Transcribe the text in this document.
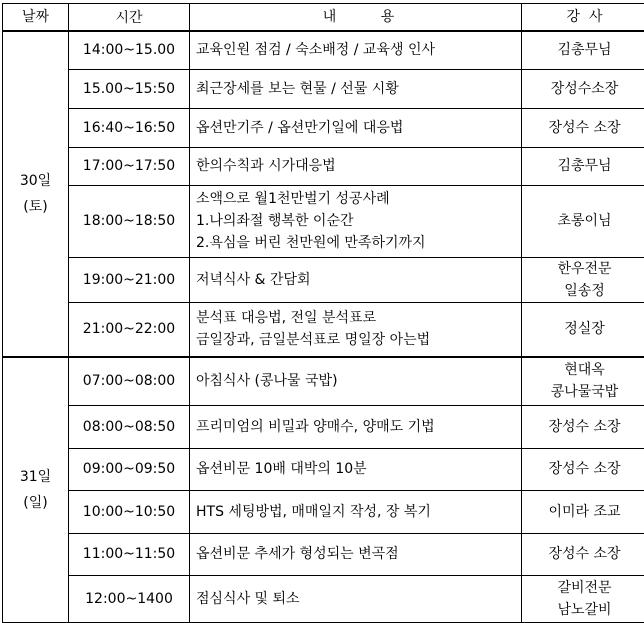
날짜	시간	내          용	강  사

30일
(토)	14:00~15.00	교육인원 점검 / 숙소배정 / 교육생 인사	김총무님

	15.00~15:50	최근장세를 보는 현물 / 선물 시황	장성수소장

	16:40~16:50	옵션만기주 / 옵션만기일에 대응법	장성수 소장

	17:00~17:50	한의수칙과 시가대응법	김총무님

	18:00~18:50	소액으로 월1천만벌기 성공사례
1.나의좌절 행복한 이순간
2.욕심을 버린 천만원에 만족하기까지	초롱이님

	19:00~21:00	저녁식사 & 간담회	한우전문
일송정

	21:00~22:00	분석표 대응법, 전일 분석표로
금일장과, 금일분석표로 명일장 아는법	정실장

31일
(일)	07:00~08:00	아침식사 (콩나물 국밥)	현대옥
콩나물국밥

	08:00~08:50	프리미엄의 비밀과 양매수, 양매도 기법	장성수 소장

	09:00~09:50	옵션비문 10배 대박의 10분	장성수 소장

	10:00~10:50	HTS 세팅방법, 매매일지 작성, 장 복기	이미라 조교

	11:00~11:50	옵션비문 추세가 형성되는 변곡점	장성수 소장

	12:00~1400	점심식사 및 퇴소	갈비전문
남노갈비
